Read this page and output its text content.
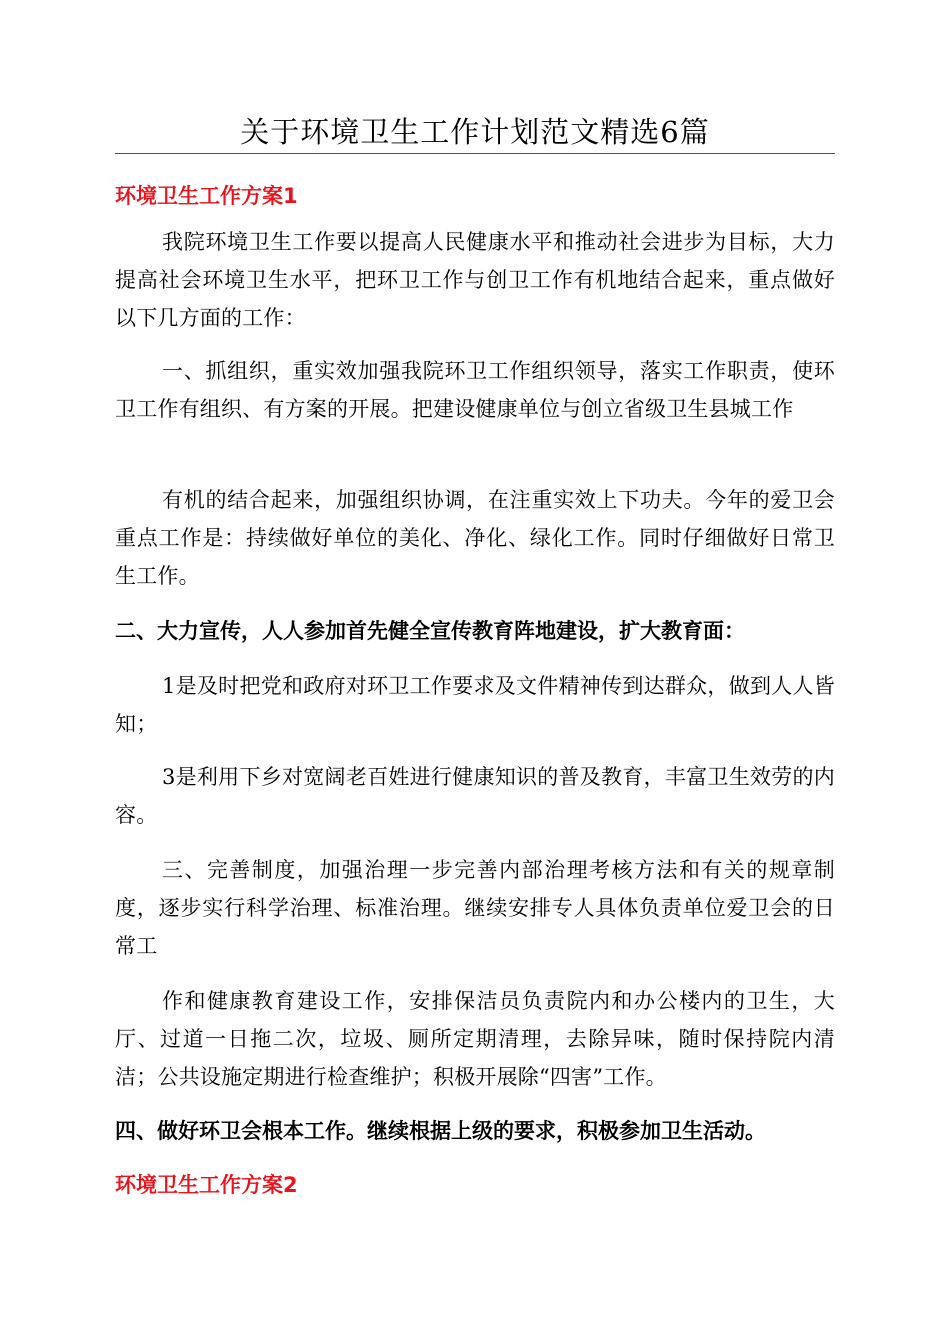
关于环境卫生工作计划范文精选6篇
环境卫生工作方案1
我院环境卫生工作要以提高人民健康水平和推动社会进步为目标，大力提高社会环境卫生水平，把环卫工作与创卫工作有机地结合起来，重点做好以下几方面的工作：
一、抓组织，重实效加强我院环卫工作组织领导，落实工作职责，使环卫工作有组织、有方案的开展。把建设健康单位与创立省级卫生县城工作
有机的结合起来，加强组织协调，在注重实效上下功夫。今年的爱卫会重点工作是：持续做好单位的美化、净化、绿化工作。同时仔细做好日常卫生工作。
二、大力宣传，人人参加首先健全宣传教育阵地建设，扩大教育面：
1是及时把党和政府对环卫工作要求及文件精神传到达群众，做到人人皆知；
3是利用下乡对宽阔老百姓进行健康知识的普及教育，丰富卫生效劳的内容。
三、完善制度，加强治理一步完善内部治理考核方法和有关的规章制度，逐步实行科学治理、标准治理。继续安排专人具体负责单位爱卫会的日常工
作和健康教育建设工作，安排保洁员负责院内和办公楼内的卫生，大厅、过道一日拖二次，垃圾、厕所定期清理，去除异味，随时保持院内清洁；公共设施定期进行检查维护；积极开展除“四害”工作。
四、做好环卫会根本工作。继续根据上级的要求，积极参加卫生活动。
环境卫生工作方案2
